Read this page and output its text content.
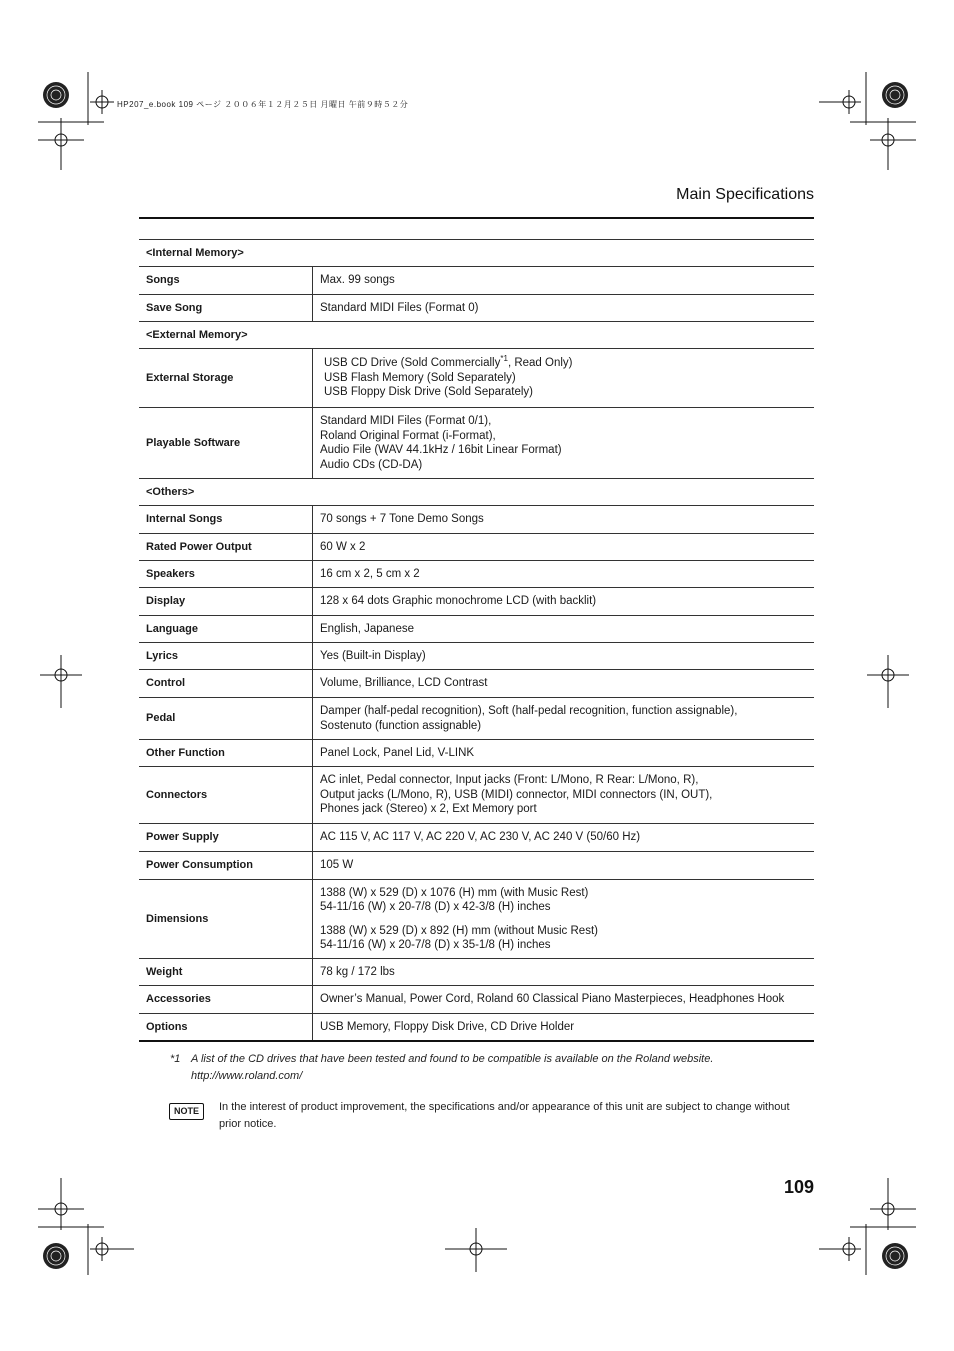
HP207_e.book 109 ページ ２００６年１２月２５日 月曜日 午前９時５２分
Main Specifications
<Internal Memory>	
Songs	Max. 99 songs

Save Song	Standard MIDI Files (Format 0)

<External Memory>	
External Storage	USB CD Drive (Sold Commercially$^{*1}$, Read Only)
USB Flash Memory (Sold Separately)
USB Floppy Disk Drive (Sold Separately)

Playable Software	Standard MIDI Files (Format 0/1),
Roland Original Format (i-Format),
Audio File (WAV 44.1kHz / 16bit Linear Format)
Audio CDs (CD-DA)

<Others>	
Internal Songs	70 songs + 7 Tone Demo Songs

Rated Power Output	60 W x 2

Speakers	16 cm x 2, 5 cm x 2

Display	128 x 64 dots Graphic monochrome LCD (with backlit)

Language	English, Japanese

Lyrics	Yes (Built-in Display)

Control	Volume, Brilliance, LCD Contrast

Pedal	Damper (half-pedal recognition), Soft (half-pedal recognition, function assignable),
Sostenuto (function assignable)

Other Function	Panel Lock, Panel Lid, V-LINK

Connectors	AC inlet, Pedal connector, Input jacks (Front: L/Mono, R Rear: L/Mono, R),
Output jacks (L/Mono, R), USB (MIDI) connector, MIDI connectors (IN, OUT),
Phones jack (Stereo) x 2, Ext Memory port

Power Supply	AC 115 V, AC 117 V, AC 220 V, AC 230 V, AC 240 V (50/60 Hz)

Power Consumption	105 W

Dimensions	1388 (W) x 529 (D) x 1076 (H) mm (with Music Rest)
54-11/16 (W) x 20-7/8 (D) x 42-3/8 (H) inches
1388 (W) x 529 (D) x 892 (H) mm (without Music Rest)
54-11/16 (W) x 20-7/8 (D) x 35-1/8 (H) inches

Weight	78 kg / 172 lbs

Accessories	Owner’s Manual, Power Cord, Roland 60 Classical Piano Masterpieces, Headphones Hook

Options	USB Memory, Floppy Disk Drive, CD Drive Holder
*1 A list of the CD drives that have been tested and found to be compatible is available on the Roland website.
http://www.roland.com/
NOTE	In the interest of product improvement, the specifications and/or appearance of this unit are subject to change without prior notice.
109
